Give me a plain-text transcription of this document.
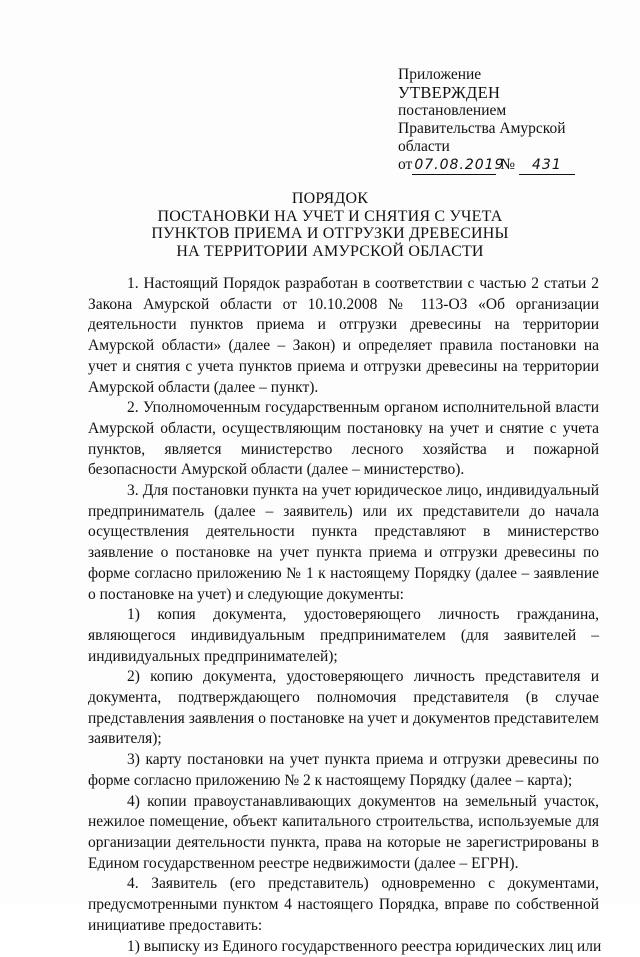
Приложение
УТВЕРЖДЕН
постановлением
Правительства Амурской
области
от 07.08.2019 № 431
ПОРЯДОК
ПОСТАНОВКИ НА УЧЕТ И СНЯТИЯ С УЧЕТА
ПУНКТОВ ПРИЕМА И ОТГРУЗКИ ДРЕВЕСИНЫ
НА ТЕРРИТОРИИ АМУРСКОЙ ОБЛАСТИ

1. Настоящий Порядок разработан в соответствии с частью 2 статьи 2 Закона Амурской области от 10.10.2008 № 113-ОЗ «Об организации деятельности пунктов приема и отгрузки древесины на территории Амурской области» (далее – Закон) и определяет правила постановки на учет и снятия с учета пунктов приема и отгрузки древесины на территории Амурской области (далее – пункт).

2. Уполномоченным государственным органом исполнительной власти Амурской области, осуществляющим постановку на учет и снятие с учета пунктов, является министерство лесного хозяйства и пожарной безопасности Амурской области (далее – министерство).

3. Для постановки пункта на учет юридическое лицо, индивидуальный предприниматель (далее – заявитель) или их представители до начала осуществления деятельности пункта представляют в министерство заявление о постановке на учет пункта приема и отгрузки древесины по форме согласно приложению № 1 к настоящему Порядку (далее – заявление о постановке на учет) и следующие документы:

1) копия документа, удостоверяющего личность гражданина, являющегося индивидуальным предпринимателем (для заявителей – индивидуальных предпринимателей);

2) копию документа, удостоверяющего личность представителя и документа, подтверждающего полномочия представителя (в случае представления заявления о постановке на учет и документов представителем заявителя);

3) карту постановки на учет пункта приема и отгрузки древесины по форме согласно приложению № 2 к настоящему Порядку (далее – карта);

4) копии правоустанавливающих документов на земельный участок, нежилое помещение, объект капитального строительства, используемые для организации деятельности пункта, права на которые не зарегистрированы в Едином государственном реестре недвижимости (далее – ЕГРН).

4. Заявитель (его представитель) одновременно с документами, предусмотренными пунктом 4 настоящего Порядка, вправе по собственной инициативе предоставить:

1) выписку из Единого государственного реестра юридических лиц или
